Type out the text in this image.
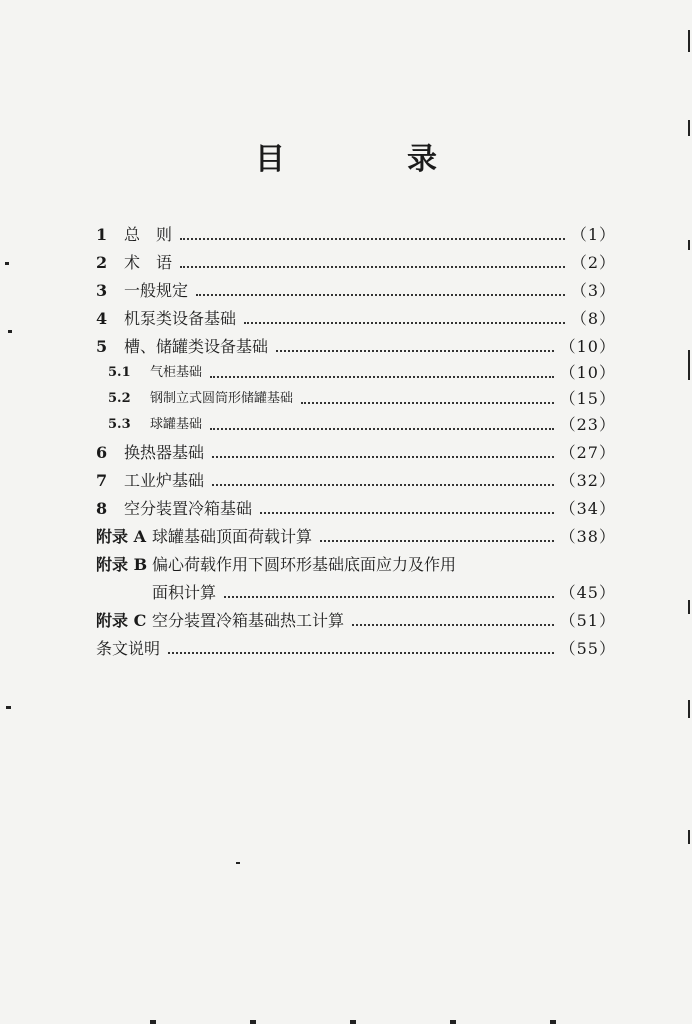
目　录
1	总　则	（1）
2	术　语	（2）
3	一般规定	（3）
4	机泵类设备基础	（8）
5	槽、储罐类设备基础	（10）
5.1	气柜基础	（10）
5.2	钢制立式圆筒形储罐基础	（15）
5.3	球罐基础	（23）
6	换热器基础	（27）
7	工业炉基础	（32）
8	空分装置冷箱基础	（34）
附录 A 球罐基础顶面荷载计算	（38）
附录 B 偏心荷载作用下圆环形基础底面应力及作用
面积计算	（45）
附录 C 空分装置冷箱基础热工计算	（51）
条文说明	（55）
